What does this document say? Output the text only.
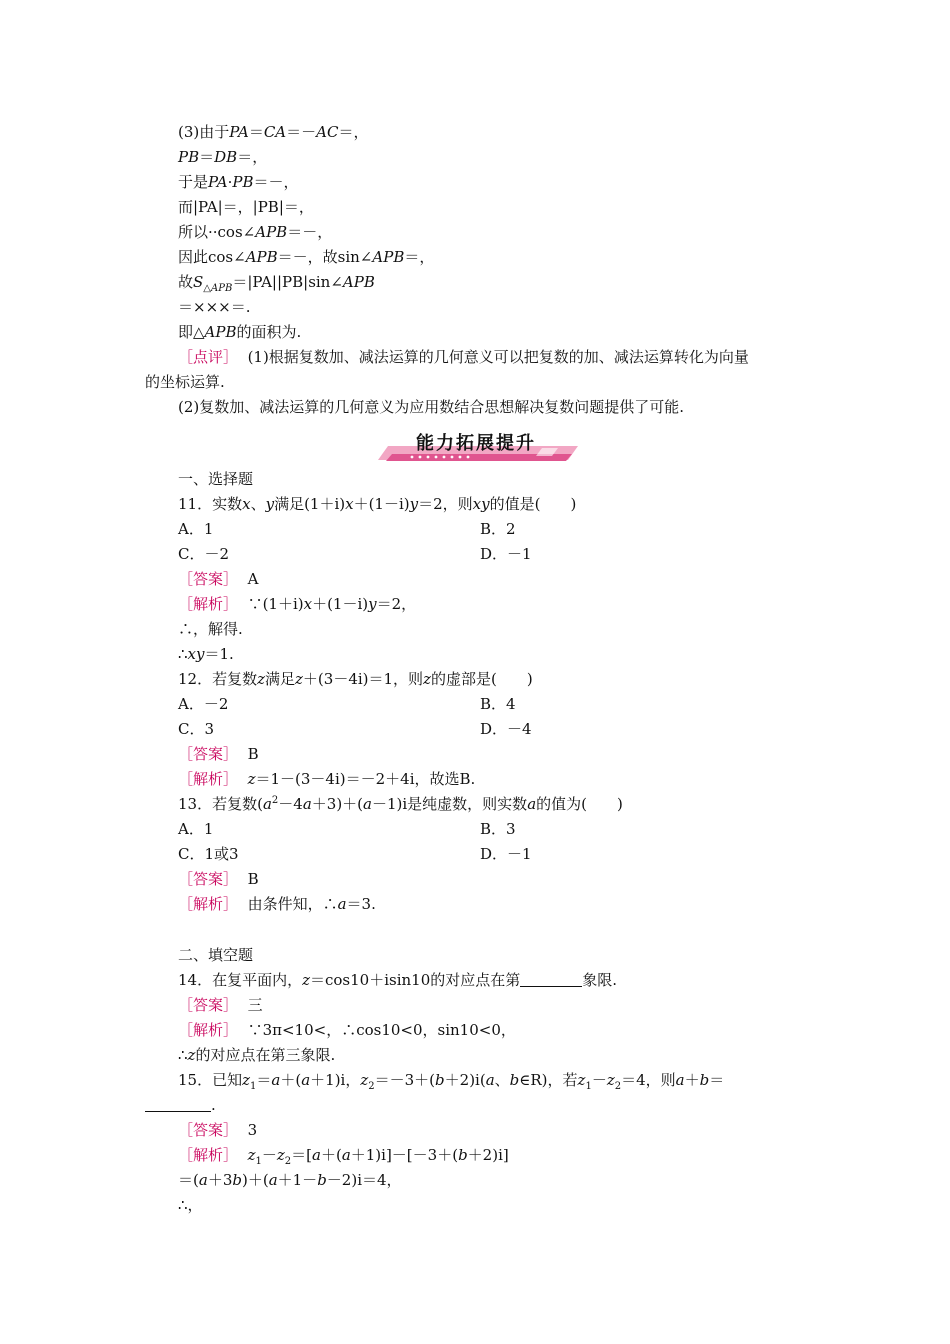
(3)由于PA＝CA＝－AC＝，
PB＝DB＝，
于是PA·PB＝－，
而|PA|＝，|PB|＝，
所以··cos∠APB＝－，
因此cos∠APB＝－，故sin∠APB＝，
故$S_{\triangle APB}=|PA||PB|\sin\angle APB$
＝×××＝.
即△APB的面积为.
［点评］ (1)根据复数加、减法运算的几何意义可以把复数的加、减法运算转化为向量
的坐标运算.
(2)复数加、减法运算的几何意义为应用数结合思想解决复数问题提供了可能.
能力拓展提升
一、选择题
11．实数x、y满足(1＋i)x＋(1－i)y＝2，则xy的值是(　　)
A．1	B．2
C．－2	D．－1
［答案］ A
［解析］ ∵(1＋i)x＋(1－i)y＝2，
∴，解得.
∴xy＝1.
12．若复数z满足z＋(3－4i)＝1，则z的虚部是(　　)
A．－2	B．4
C．3	D．－4
［答案］ B
［解析］ z＝1－(3－4i)＝－2＋4i，故选B.
13．若复数$(a^2-4a+3)+(a-1)i$是纯虚数，则实数a的值为(　　)
A．1	B．3
C．1或3	D．－1
［答案］ B
［解析］ 由条件知，∴a＝3.
二、填空题
14．在复平面内，z＝cos10＋isin10的对应点在第	象限.
［答案］ 三
［解析］ ∵3π<10<，∴cos10<0，sin10<0，
∴z的对应点在第三象限.
15．已知$z_1=a+(a+1)i$，$z_2=-3+(b+2)i(a$、b∈R)，若$z_1-z_2=4$，则a＋b＝
.
［答案］ 3
［解析］ $z_1-z_2=[a+(a+1)i]-[-3+(b+2)i]$
＝(a＋3b)＋(a＋1－b－2)i＝4，
∴，
